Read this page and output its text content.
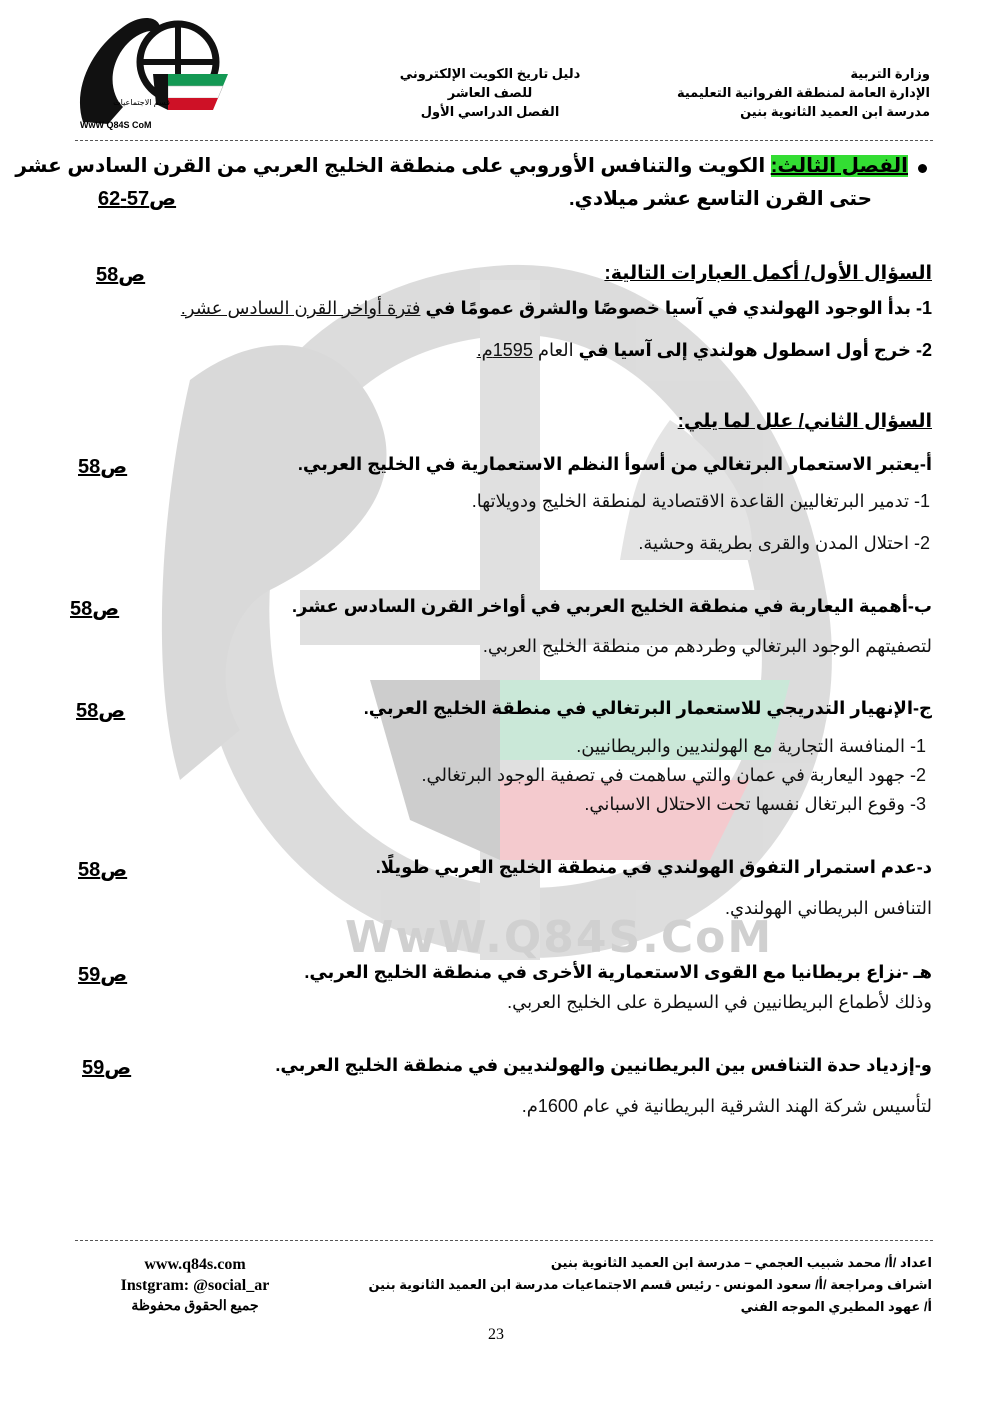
WwW.Q84S.CoM
WwW Q84S CoM
قسم الاجتماعيات
وزارة التربية
الإدارة العامة لمنطقة الفروانية التعليمية
مدرسة ابن العميد الثانوية بنين
دليل تاريخ الكويت الإلكتروني
للصف العاشر
الفصل الدراسي الأول
الفصل الثالث: الكويت والتنافس الأوروبي على منطقة الخليج العربي من القرن السادس عشر
حتى القرن التاسع عشر ميلادي.
ص57-62
السؤال الأول/ أكمل العبارات التالية:
ص58
1- بدأ الوجود الهولندي في آسيا خصوصًا والشرق عمومًا في فترة أواخر القرن السادس عشر.
2- خرج أول اسطول هولندي إلى آسيا في العام 1595م.
السؤال الثاني/ علل لما يلي:
أ-يعتبر الاستعمار البرتغالي من أسوأ النظم الاستعمارية في الخليج العربي.
ص58
1- تدمير البرتغاليين القاعدة الاقتصادية لمنطقة الخليج ودويلاتها.
2- احتلال المدن والقرى بطريقة وحشية.
ب-أهمية اليعاربة في منطقة الخليج العربي في أواخر القرن السادس عشر.
ص58
لتصفيتهم الوجود البرتغالي وطردهم من منطقة الخليج العربي.
ج-الإنهيار التدريجي للاستعمار البرتغالي في منطقة الخليج العربي.
ص58
1- المنافسة التجارية مع الهولنديين والبريطانيين.
2- جهود اليعاربة في عمان والتي ساهمت في تصفية الوجود البرتغالي.
3- وقوع البرتغال نفسها تحت الاحتلال الاسباني.
د-عدم استمرار التفوق الهولندي في منطقة الخليج العربي طويلًا.
ص58
التنافس البريطاني الهولندي.
هـ -نزاع بريطانيا مع القوى الاستعمارية الأخرى في منطقة الخليج العربي.
ص59
وذلك لأطماع البريطانيين في السيطرة على الخليج العربي.
و-إزدياد حدة التنافس بين البريطانيين والهولنديين في منطقة الخليج العربي.
ص59
لتأسيس شركة الهند الشرقية البريطانية في عام 1600م.
اعداد /أ/ محمد شبيب العجمي – مدرسة ابن العميد الثانوية بنين
اشراف ومراجعة /أ/ سعود المونس - رئيس قسم الاجتماعيات مدرسة ابن العميد الثانوية بنين
أ/ عهود المطيري الموجه الفني
www.q84s.com
Instgram: @social_ar
جميع الحقوق محفوظة
23
